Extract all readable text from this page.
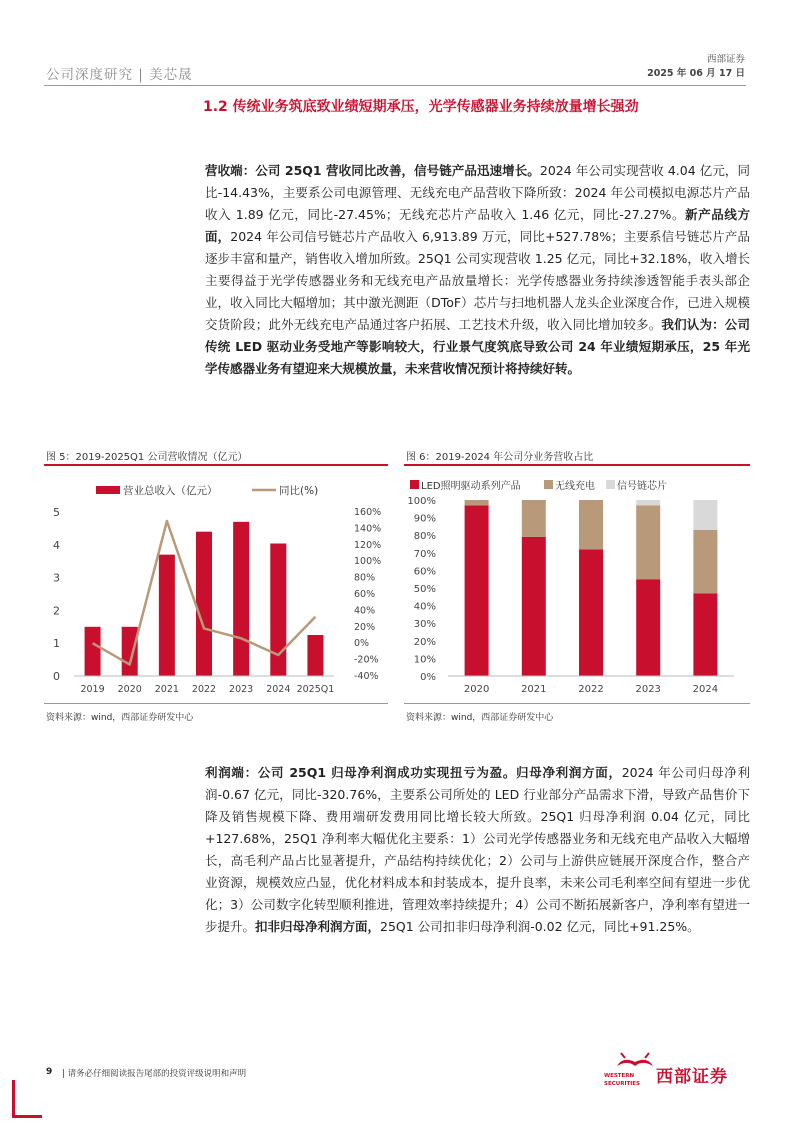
公司深度研究 | 美芯晟
西部证券
2025 年 06 月 17 日
1.2 传统业务筑底致业绩短期承压，光学传感器业务持续放量增长强劲
营收端：公司 25Q1 营收同比改善，信号链产品迅速增长。2024 年公司实现营收 4.04 亿元，同比-14.43%，主要系公司电源管理、无线充电产品营收下降所致：2024 年公司模拟电源芯片产品收入 1.89 亿元，同比-27.45%；无线充芯片产品收入 1.46 亿元，同比-27.27%。新产品线方面，2024 年公司信号链芯片产品收入 6,913.89 万元，同比+527.78%；主要系信号链芯片产品逐步丰富和量产，销售收入增加所致。25Q1 公司实现营收 1.25 亿元，同比+32.18%，收入增长主要得益于光学传感器业务和无线充电产品放量增长：光学传感器业务持续渗透智能手表头部企业，收入同比大幅增加；其中激光测距（DToF）芯片与扫地机器人龙头企业深度合作，已进入规模交货阶段；此外无线充电产品通过客户拓展、工艺技术升级，收入同比增加较多。我们认为：公司传统 LED 驱动业务受地产等影响较大，行业景气度筑底导致公司 24 年业绩短期承压，25 年光学传感器业务有望迎来大规模放量，未来营收情况预计将持续好转。
图 5：2019-2025Q1 公司营收情况（亿元）
营业总收入（亿元）	同比(%)
0
1
2
3
4
5
-40%
-20%
0%
20%
40%
60%
80%
100%
120%
140%
160%
2019 2020 2021 2022 2023 2024 2025Q1
资料来源：wind，西部证券研发中心
图 6：2019-2024 年公司分业务营收占比
LED照明驱动系列产品	无线充电 信号链芯片
0%
10%
20%
30%
40%
50%
60%
70%
80%
90%
100%
2020	2021	2022	2023	2024
资料来源：wind，西部证券研发中心
利润端：公司 25Q1 归母净利润成功实现扭亏为盈。归母净利润方面，2024 年公司归母净利润-0.67 亿元，同比-320.76%，主要系公司所处的 LED 行业部分产品需求下滑，导致产品售价下降及销售规模下降、费用端研发费用同比增长较大所致。25Q1 归母净利润 0.04 亿元，同比+127.68%，25Q1 净利率大幅优化主要系：1）公司光学传感器业务和无线充电产品收入大幅增长，高毛利产品占比显著提升，产品结构持续优化；2）公司与上游供应链展开深度合作，整合产业资源，规模效应凸显，优化材料成本和封装成本，提升良率，未来公司毛利率空间有望进一步优化；3）公司数字化转型顺利推进，管理效率持续提升；4）公司不断拓展新客户，净利率有望进一步提升。扣非归母净利润方面，25Q1 公司扣非归母净利润-0.02 亿元，同比+91.25%。
9 | 请务必仔细阅读报告尾部的投资评级说明和声明	WESTERN SECURITIES 西部证券
